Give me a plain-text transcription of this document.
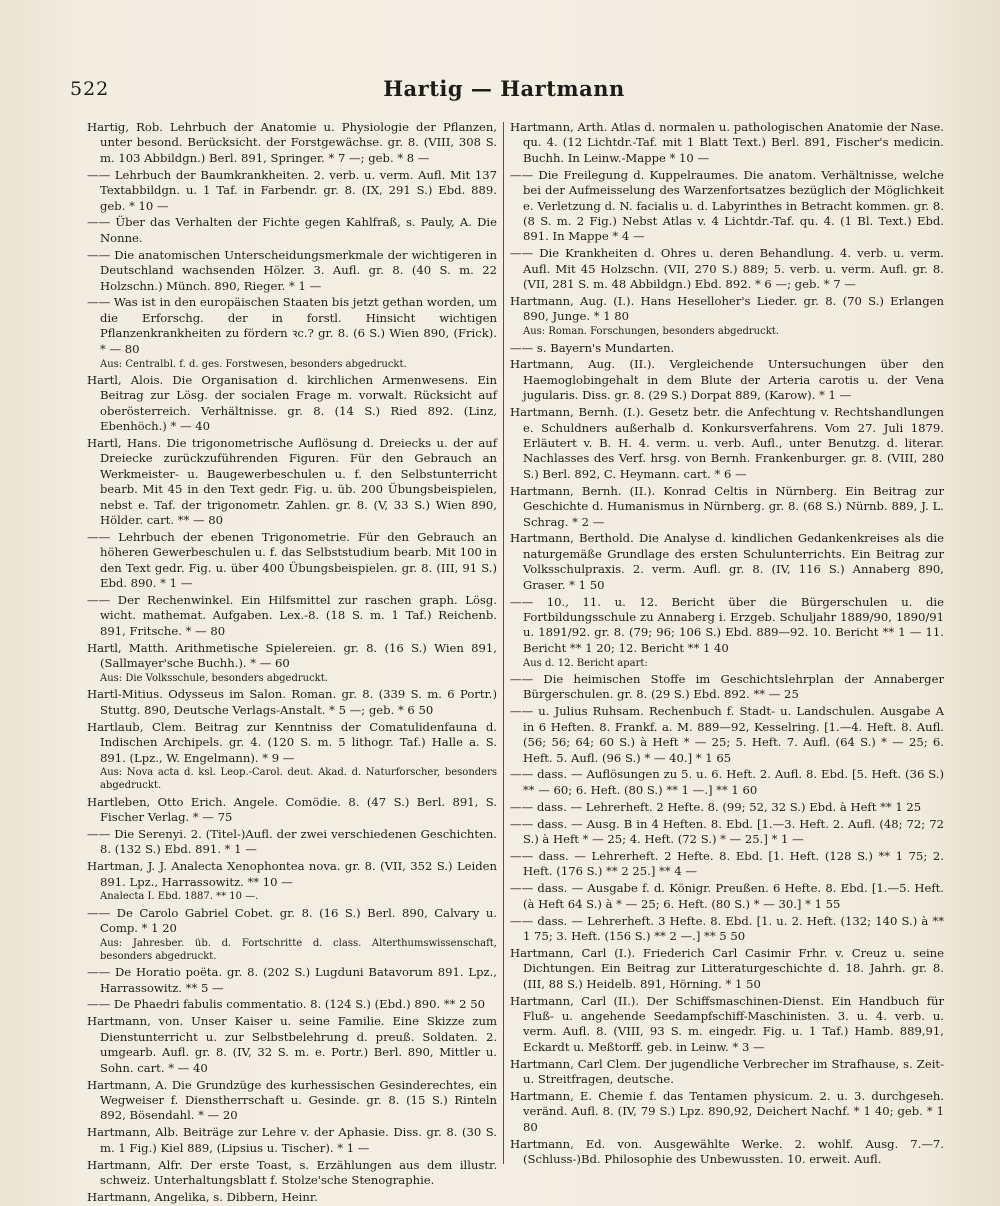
522	Hartig — Hartmann

Hartig, Rob. Lehrbuch der Anatomie u. Physiologie der Pflanzen, unter besond. Berücksicht. der Forstgewächse. gr. 8. (VIII, 308 S. m. 103 Abbildgn.) Berl. 891, Springer. * 7 —; geb. * 8 —

—— Lehrbuch der Baumkrankheiten. 2. verb. u. verm. Aufl. Mit 137 Textabbildgn. u. 1 Taf. in Farbendr. gr. 8. (IX, 291 S.) Ebd. 889. geb. * 10 —

—— Über das Verhalten der Fichte gegen Kahlfraß, s. Pauly, A. Die Nonne.

—— Die anatomischen Unterscheidungsmerkmale der wichtigeren in Deutschland wachsenden Hölzer. 3. Aufl. gr. 8. (40 S. m. 22 Holzschn.) Münch. 890, Rieger. * 1 —

—— Was ist in den europäischen Staaten bis jetzt gethan worden, um die Erforschg. der in forstl. Hinsicht wichtigen Pflanzenkrankheiten zu fördern ꝛc.? gr. 8. (6 S.) Wien 890, (Frick). * — 80

Aus: Centralbl. f. d. ges. Forstwesen, besonders abgedruckt.

Hartl, Alois. Die Organisation d. kirchlichen Armenwesens. Ein Beitrag zur Lösg. der socialen Frage m. vorwalt. Rücksicht auf oberösterreich. Verhältnisse. gr. 8. (14 S.) Ried 892. (Linz, Ebenhöch.) * — 40

Hartl, Hans. Die trigonometrische Auflösung d. Dreiecks u. der auf Dreiecke zurückzuführenden Figuren. Für den Gebrauch an Werkmeister- u. Baugewerbeschulen u. f. den Selbstunterricht bearb. Mit 45 in den Text gedr. Fig. u. üb. 200 Übungsbeispielen, nebst e. Taf. der trigonometr. Zahlen. gr. 8. (V, 33 S.) Wien 890, Hölder. cart. ** — 80

—— Lehrbuch der ebenen Trigonometrie. Für den Gebrauch an höheren Gewerbeschulen u. f. das Selbststudium bearb. Mit 100 in den Text gedr. Fig. u. über 400 Übungsbeispielen. gr. 8. (III, 91 S.) Ebd. 890. * 1 —

—— Der Rechenwinkel. Ein Hilfsmittel zur raschen graph. Lösg. wicht. mathemat. Aufgaben. Lex.-8. (18 S. m. 1 Taf.) Reichenb. 891, Fritsche. * — 80

Hartl, Matth. Arithmetische Spielereien. gr. 8. (16 S.) Wien 891, (Sallmayer'sche Buchh.). * — 60

Aus: Die Volksschule, besonders abgedruckt.

Hartl-Mitius. Odysseus im Salon. Roman. gr. 8. (339 S. m. 6 Portr.) Stuttg. 890, Deutsche Verlags-Anstalt. * 5 —; geb. * 6 50

Hartlaub, Clem. Beitrag zur Kenntniss der Comatulidenfauna d. Indischen Archipels. gr. 4. (120 S. m. 5 lithogr. Taf.) Halle a. S. 891. (Lpz., W. Engelmann). * 9 —

Aus: Nova acta d. ksl. Leop.-Carol. deut. Akad. d. Naturforscher, besonders abgedruckt.

Hartleben, Otto Erich. Angele. Comödie. 8. (47 S.) Berl. 891, S. Fischer Verlag. * — 75

—— Die Serenyi. 2. (Titel-)Aufl. der zwei verschiedenen Geschichten. 8. (132 S.) Ebd. 891. * 1 —

Hartman, J. J. Analecta Xenophontea nova. gr. 8. (VII, 352 S.) Leiden 891. Lpz., Harrassowitz. ** 10 —

Analecta I. Ebd. 1887. ** 10 —.

—— De Carolo Gabriel Cobet. gr. 8. (16 S.) Berl. 890, Calvary u. Comp. * 1 20

Aus: Jahresber. üb. d. Fortschritte d. class. Alterthumswissenschaft, besonders abgedruckt.

—— De Horatio poëta. gr. 8. (202 S.) Lugduni Batavorum 891. Lpz., Harrassowitz. ** 5 —

—— De Phaedri fabulis commentatio. 8. (124 S.) (Ebd.) 890. ** 2 50

Hartmann, von. Unser Kaiser u. seine Familie. Eine Skizze zum Dienstunterricht u. zur Selbstbelehrung d. preuß. Soldaten. 2. umgearb. Aufl. gr. 8. (IV, 32 S. m. e. Portr.) Berl. 890, Mittler u. Sohn. cart. * — 40

Hartmann, A. Die Grundzüge des kurhessischen Gesinderechtes, ein Wegweiser f. Dienstherrschaft u. Gesinde. gr. 8. (15 S.) Rinteln 892, Bösendahl. * — 20

Hartmann, Alb. Beiträge zur Lehre v. der Aphasie. Diss. gr. 8. (30 S. m. 1 Fig.) Kiel 889, (Lipsius u. Tischer). * 1 —

Hartmann, Alfr. Der erste Toast, s. Erzählungen aus dem illustr. schweiz. Unterhaltungsblatt f. Stolze'sche Stenographie.

Hartmann, Angelika, s. Dibbern, Heinr.

Hartmann, Arth. Atlas d. normalen u. pathologischen Anatomie der Nase. qu. 4. (12 Lichtdr.-Taf. mit 1 Blatt Text.) Berl. 891, Fischer's medicin. Buchh. In Leinw.-Mappe * 10 —

—— Die Freilegung d. Kuppelraumes. Die anatom. Verhältnisse, welche bei der Aufmeisselung des Warzenfortsatzes bezüglich der Möglichkeit e. Verletzung d. N. facialis u. d. Labyrinthes in Betracht kommen. gr. 8. (8 S. m. 2 Fig.) Nebst Atlas v. 4 Lichtdr.-Taf. qu. 4. (1 Bl. Text.) Ebd. 891. In Mappe * 4 —

—— Die Krankheiten d. Ohres u. deren Behandlung. 4. verb. u. verm. Aufl. Mit 45 Holzschn. (VII, 270 S.) 889; 5. verb. u. verm. Aufl. gr. 8. (VII, 281 S. m. 48 Abbildgn.) Ebd. 892. * 6 —; geb. * 7 —

Hartmann, Aug. (I.). Hans Heselloher's Lieder. gr. 8. (70 S.) Erlangen 890, Junge. * 1 80

Aus: Roman. Forschungen, besonders abgedruckt.

—— s. Bayern's Mundarten.

Hartmann, Aug. (II.). Vergleichende Untersuchungen über den Haemoglobingehalt in dem Blute der Arteria carotis u. der Vena jugularis. Diss. gr. 8. (29 S.) Dorpat 889, (Karow). * 1 —

Hartmann, Bernh. (I.). Gesetz betr. die Anfechtung v. Rechtshandlungen e. Schuldners außerhalb d. Konkursverfahrens. Vom 27. Juli 1879. Erläutert v. B. H. 4. verm. u. verb. Aufl., unter Benutzg. d. literar. Nachlasses des Verf. hrsg. von Bernh. Frankenburger. gr. 8. (VIII, 280 S.) Berl. 892, C. Heymann. cart. * 6 —

Hartmann, Bernh. (II.). Konrad Celtis in Nürnberg. Ein Beitrag zur Geschichte d. Humanismus in Nürnberg. gr. 8. (68 S.) Nürnb. 889, J. L. Schrag. * 2 —

Hartmann, Berthold. Die Analyse d. kindlichen Gedankenkreises als die naturgemäße Grundlage des ersten Schulunterrichts. Ein Beitrag zur Volksschulpraxis. 2. verm. Aufl. gr. 8. (IV, 116 S.) Annaberg 890, Graser. * 1 50

—— 10., 11. u. 12. Bericht über die Bürgerschulen u. die Fortbildungsschule zu Annaberg i. Erzgeb. Schuljahr 1889/90, 1890/91 u. 1891/92. gr. 8. (79; 96; 106 S.) Ebd. 889—92. 10. Bericht ** 1 — 11. Bericht ** 1 20; 12. Bericht ** 1 40

Aus d. 12. Bericht apart:

—— Die heimischen Stoffe im Geschichtslehrplan der Annaberger Bürgerschulen. gr. 8. (29 S.) Ebd. 892. ** — 25

—— u. Julius Ruhsam. Rechenbuch f. Stadt- u. Landschulen. Ausgabe A in 6 Heften. 8. Frankf. a. M. 889—92, Kesselring. [1.—4. Heft. 8. Aufl. (56; 56; 64; 60 S.) à Heft * — 25; 5. Heft. 7. Aufl. (64 S.) * — 25; 6. Heft. 5. Aufl. (96 S.) * — 40.] * 1 65

—— dass. — Auflösungen zu 5. u. 6. Heft. 2. Aufl. 8. Ebd. [5. Heft. (36 S.) ** — 60; 6. Heft. (80 S.) ** 1 —.] ** 1 60

—— dass. — Lehrerheft. 2 Hefte. 8. (99; 52, 32 S.) Ebd. à Heft ** 1 25

—— dass. — Ausg. B in 4 Heften. 8. Ebd. [1.—3. Heft. 2. Aufl. (48; 72; 72 S.) à Heft * — 25; 4. Heft. (72 S.) * — 25.] * 1 —

—— dass. — Lehrerheft. 2 Hefte. 8. Ebd. [1. Heft. (128 S.) ** 1 75; 2. Heft. (176 S.) ** 2 25.] ** 4 —

—— dass. — Ausgabe f. d. Königr. Preußen. 6 Hefte. 8. Ebd. [1.—5. Heft. (à Heft 64 S.) à * — 25; 6. Heft. (80 S.) * — 30.] * 1 55

—— dass. — Lehrerheft. 3 Hefte. 8. Ebd. [1. u. 2. Heft. (132; 140 S.) à ** 1 75; 3. Heft. (156 S.) ** 2 —.] ** 5 50

Hartmann, Carl (I.). Friederich Carl Casimir Frhr. v. Creuz u. seine Dichtungen. Ein Beitrag zur Litteraturgeschichte d. 18. Jahrh. gr. 8. (III, 88 S.) Heidelb. 891, Hörning. * 1 50

Hartmann, Carl (II.). Der Schiffsmaschinen-Dienst. Ein Handbuch für Fluß- u. angehende Seedampfschiff-Maschinisten. 3. u. 4. verb. u. verm. Aufl. 8. (VIII, 93 S. m. eingedr. Fig. u. 1 Taf.) Hamb. 889,91, Eckardt u. Meßtorff. geb. in Leinw. * 3 —

Hartmann, Carl Clem. Der jugendliche Verbrecher im Strafhause, s. Zeit- u. Streitfragen, deutsche.

Hartmann, E. Chemie f. das Tentamen physicum. 2. u. 3. durchgeseh. veränd. Aufl. 8. (IV, 79 S.) Lpz. 890,92, Deichert Nachf. * 1 40; geb. * 1 80

Hartmann, Ed. von. Ausgewählte Werke. 2. wohlf. Ausg. 7.—7. (Schluss-)Bd. Philosophie des Unbewussten. 10. erweit. Aufl.
